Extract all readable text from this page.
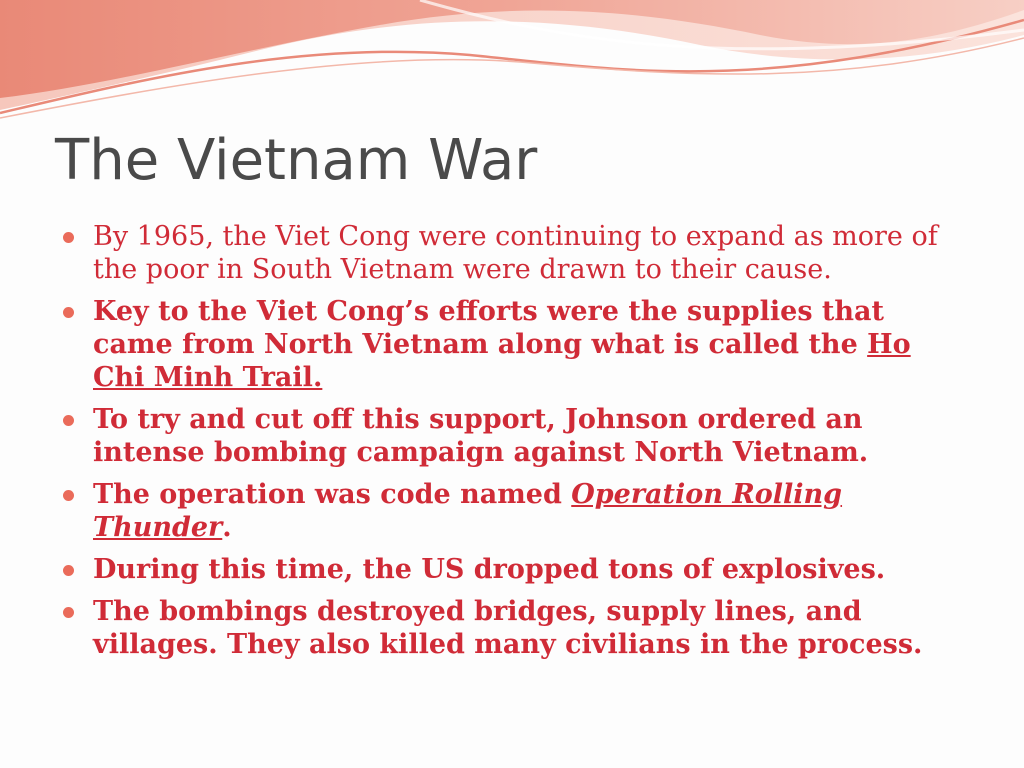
The Vietnam War
By 1965, the Viet Cong were continuing to expand as more of the poor in South Vietnam were drawn to their cause.
Key to the Viet Cong’s efforts were the supplies that came from North Vietnam along what is called the Ho Chi Minh Trail.
To try and cut off this support, Johnson ordered an intense bombing campaign against North Vietnam.
The operation was code named Operation Rolling Thunder.
During this time, the US dropped tons of explosives.
The bombings destroyed bridges, supply lines, and villages. They also killed many civilians in the process.
